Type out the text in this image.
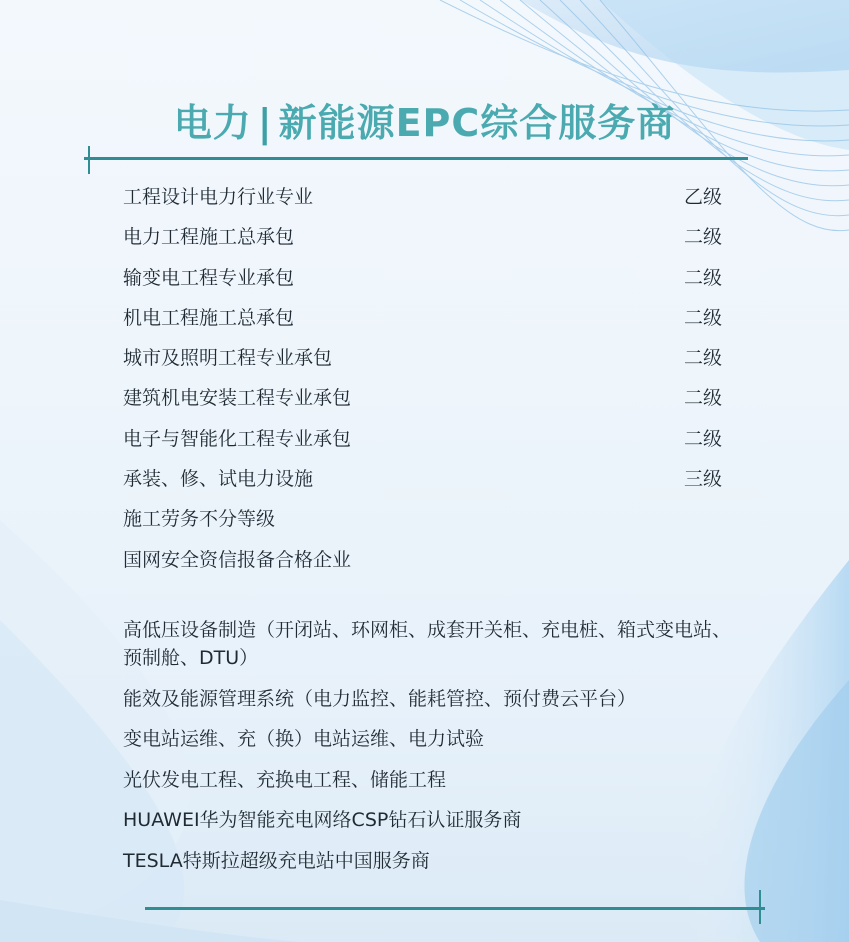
电力 | 新能源EPC综合服务商
工程设计电力行业专业	乙级
电力工程施工总承包	二级
输变电工程专业承包	二级
机电工程施工总承包	二级
城市及照明工程专业承包	二级
建筑机电安装工程专业承包	二级
电子与智能化工程专业承包	二级
承装、修、试电力设施	三级
施工劳务不分等级
国网安全资信报备合格企业
高低压设备制造（开闭站、环网柜、成套开关柜、充电桩、箱式变电站、预制舱、DTU）
能效及能源管理系统（电力监控、能耗管控、预付费云平台）
变电站运维、充（换）电站运维、电力试验
光伏发电工程、充换电工程、储能工程
HUAWEI华为智能充电网络CSP钻石认证服务商
TESLA特斯拉超级充电站中国服务商
